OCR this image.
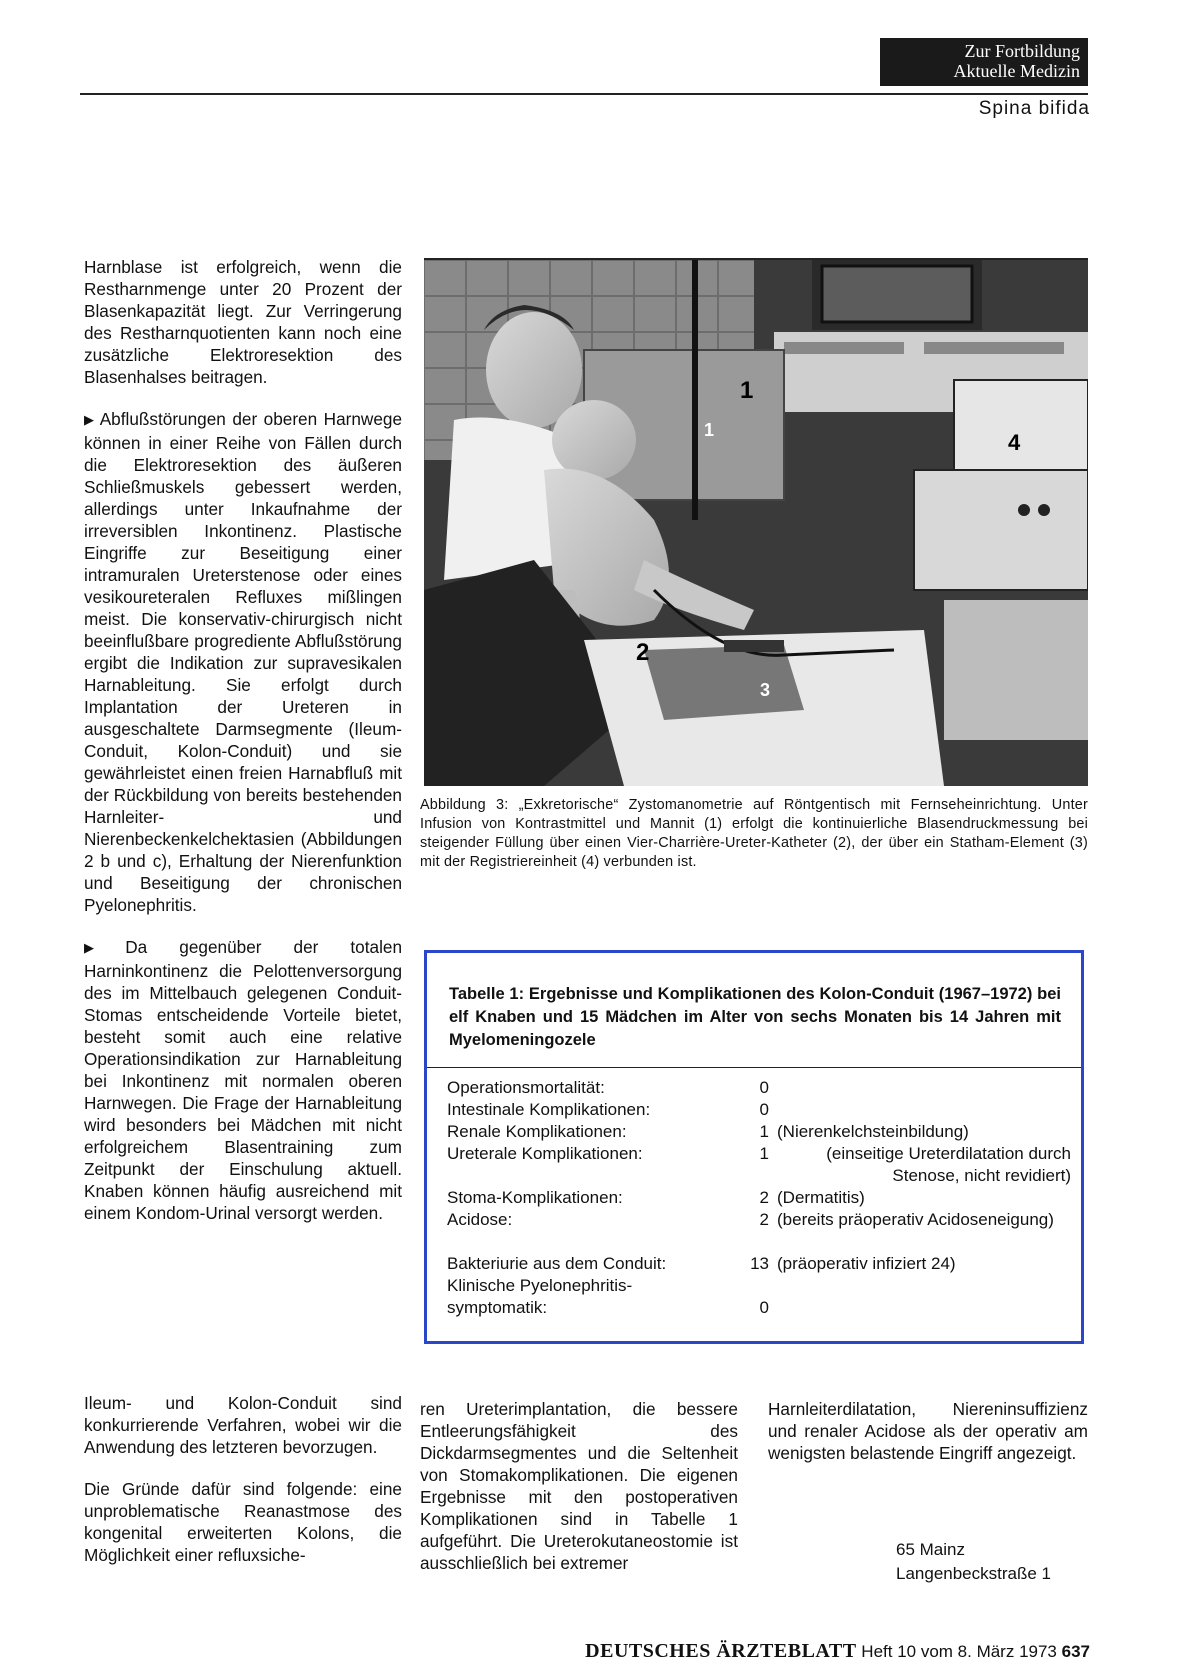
Zur Fortbildung
Aktuelle Medizin
Spina bifida

Harnblase ist erfolgreich, wenn die Restharnmenge unter 20 Prozent der Blasenkapazität liegt. Zur Verringerung des Restharnquotienten kann noch eine zusätzliche Elektroresektion des Blasenhalses beitragen.

▶ Abflußstörungen der oberen Harnwege können in einer Reihe von Fällen durch die Elektroresektion des äußeren Schließmuskels gebessert werden, allerdings unter Inkaufnahme der irreversiblen Inkontinenz. Plastische Eingriffe zur Beseitigung einer intramuralen Ureterstenose oder eines vesikoureteralen Refluxes mißlingen meist. Die konservativ-chirurgisch nicht beeinflußbare progrediente Abflußstörung ergibt die Indikation zur supravesikalen Harnableitung. Sie erfolgt durch Implantation der Ureteren in ausgeschaltete Darmsegmente (Ileum-Conduit, Kolon-Conduit) und sie gewährleistet einen freien Harnabfluß mit der Rückbildung von bereits bestehenden Harnleiter- und Nierenbeckenkelchektasien (Abbildungen 2 b und c), Erhaltung der Nierenfunktion und Beseitigung der chronischen Pyelonephritis.

▶ Da gegenüber der totalen Harninkontinenz die Pelottenversorgung des im Mittelbauch gelegenen Conduit-Stomas entscheidende Vorteile bietet, besteht somit auch eine relative Operationsindikation zur Harnableitung bei Inkontinenz mit normalen oberen Harnwegen. Die Frage der Harnableitung wird besonders bei Mädchen mit nicht erfolgreichem Blasentraining zum Zeitpunkt der Einschulung aktuell. Knaben können häufig ausreichend mit einem Kondom-Urinal versorgt werden.

Ileum- und Kolon-Conduit sind konkurrierende Verfahren, wobei wir die Anwendung des letzteren bevorzugen.

Die Gründe dafür sind folgende: eine unproblematische Reanastmose des kongenital erweiterten Kolons, die Möglichkeit einer refluxsiche-

1
1
2
3
4
Abbildung 3: „Exkretorische“ Zystomanometrie auf Röntgentisch mit Fernseheinrichtung. Unter Infusion von Kontrastmittel und Mannit (1) erfolgt die kontinuierliche Blasendruckmessung bei steigender Füllung über einen Vier-Charrière-Ureter-Katheter (2), der über ein Statham-Element (3) mit der Registriereinheit (4) verbunden ist.
Tabelle 1: Ergebnisse und Komplikationen des Kolon-Conduit (1967–1972) bei elf Knaben und 15 Mädchen im Alter von sechs Monaten bis 14 Jahren mit Myelomeningozele
Operationsmortalität:	0
Intestinale Komplikationen:	0
Renale Komplikationen:	1 (Nierenkelchsteinbildung)
Ureterale Komplikationen:	1	(einseitige Ureterdilatation durch Stenose, nicht revidiert)
Stoma-Komplikationen:	2 (Dermatitis)
Acidose:	2 (bereits präoperativ Acidoseneigung)
Bakteriurie aus dem Conduit:	13 (präoperativ infiziert 24)
Klinische Pyelonephritis-
symptomatik:	0

ren Ureterimplantation, die bessere Entleerungsfähigkeit des Dickdarmsegmentes und die Seltenheit von Stomakomplikationen. Die eigenen Ergebnisse mit den postoperativen Komplikationen sind in Tabelle 1 aufgeführt. Die Ureterokutaneostomie ist ausschließlich bei extremer

Harnleiterdilatation, Niereninsuffizienz und renaler Acidose als der operativ am wenigsten belastende Eingriff angezeigt.

65 Mainz
Langenbeckstraße 1
DEUTSCHES ÄRZTEBLATT Heft 10 vom 8. März 1973 637
